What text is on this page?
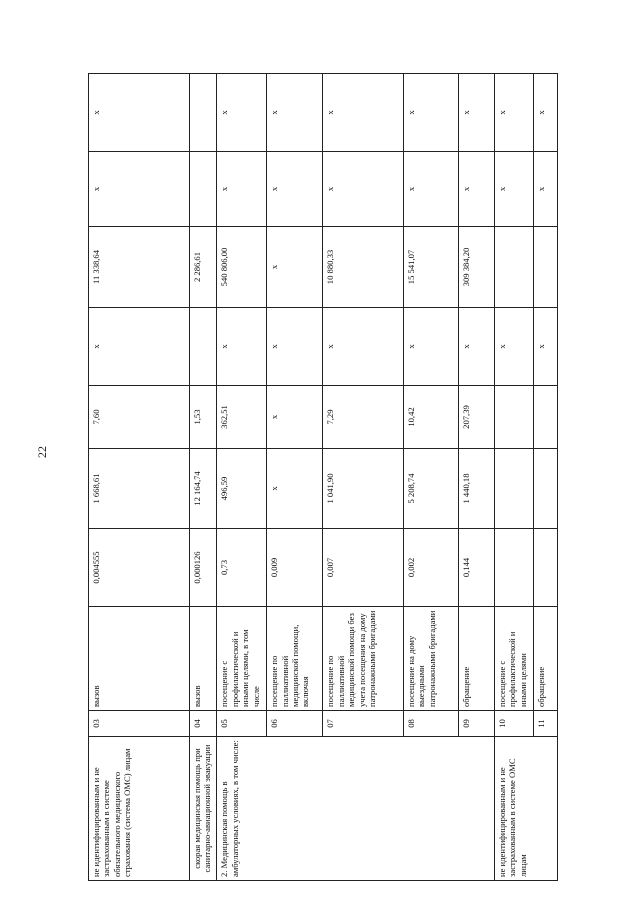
22
не идентифицированным и не застрахованным в системе обязательного медицинского страхования (система ОМС) лицам	03	вызов	0,004555	1 668,61	7,60	х	11 338,64	х	х
скорая медицинская помощь при санитарно-авиационной эвакуации	04	вызов	0,000126	12 164,74	1,53		2 286,61		
2. Медицинская помощь в амбулаторных условиях, в том числе:	05	посещение с профилактической и иными целями, в том числе	0,73	496,59	362,51	х	540 806,00	х	х
	06	посещение по паллиативной медицинской помощи, включая	0,009	х	х	х	х	х	х
	07	посещение по паллиативной медицинской помощи без учета посещения на дому патронажными бригадами	0,007	1 041,90	7,29	х	10 880,33	х	х
	08	посещение на дому выездными патронажными бригадами	0,002	5 208,74	10,42	х	15 541,07	х	х
	09	обращение	0,144	1 440,18	207,39	х	309 384,20	х	х
не идентифицированным и не застрахованным в системе ОМС лицам	10	посещение с профилактической и иными целями				х		х	х
	11	обращение				х		х	х
